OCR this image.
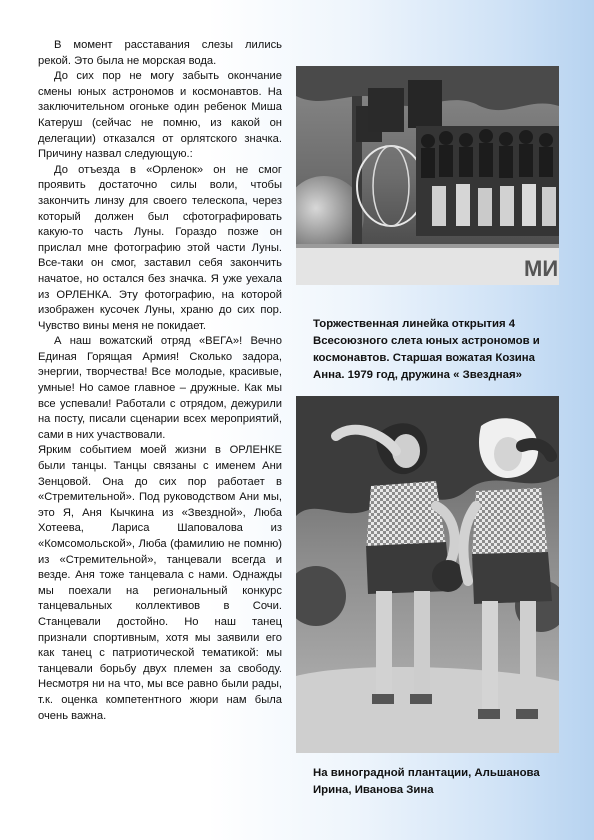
В момент расставания слезы лились рекой. Это была не морская вода.

До сих пор не могу забыть окончание смены юных астрономов и космонавтов. На заключительном огоньке один ребенок Миша Катеруш (сейчас не помню, из какой он делегации) отказался от орлятского значка. Причину назвал следующую.:

До отъезда в «Орленок» он не смог проявить достаточно силы воли, чтобы закончить линзу для своего телескопа, через который должен был сфотографировать какую-то часть Луны. Гораздо позже он прислал мне фотографию этой части Луны. Все-таки он смог, заставил себя закончить начатое, но остался без значка. Я уже уехала из ОРЛЕНКА. Эту фотографию, на которой изображен кусочек Луны, храню до сих пор. Чувство вины меня не покидает.

А наш вожатский отряд «ВЕГА»! Вечно Единая Горящая Армия! Сколько задора, энергии, творчества! Все молодые, красивые, умные! Но самое главное – дружные. Как мы все успевали! Работали с отрядом, дежурили на посту, писали сценарии всех мероприятий, сами в них участвовали.

Ярким событием моей жизни в ОРЛЕНКЕ были танцы. Танцы связаны с именем Ани Зенцовой. Она до сих пор работает в «Стремительной». Под руководством Ани мы, это Я, Аня Кычкина из «Звездной», Люба Хотеева, Лариса Шаповалова из «Комсомольской», Люба (фамилию не помню) из «Стремительной», танцевали всегда и везде. Аня тоже танцевала с нами. Однажды мы поехали на региональный конкурс танцевальных коллективов в Сочи. Станцевали достойно. Но наш танец признали спортивным, хотя мы заявили его как танец с патриотической тематикой: мы танцевали борьбу двух племен за свободу. Несмотря ни на что, мы все равно были рады, т.к. оценка компетентного жюри нам была очень важна.

МИ
Торжественная линейка открытия 4 Всесоюзного слета юных астрономов и космонавтов. Старшая вожатая Козина Анна. 1979 год, дружина « Звездная»
На виноградной плантации, Альшанова Ирина, Иванова Зина
